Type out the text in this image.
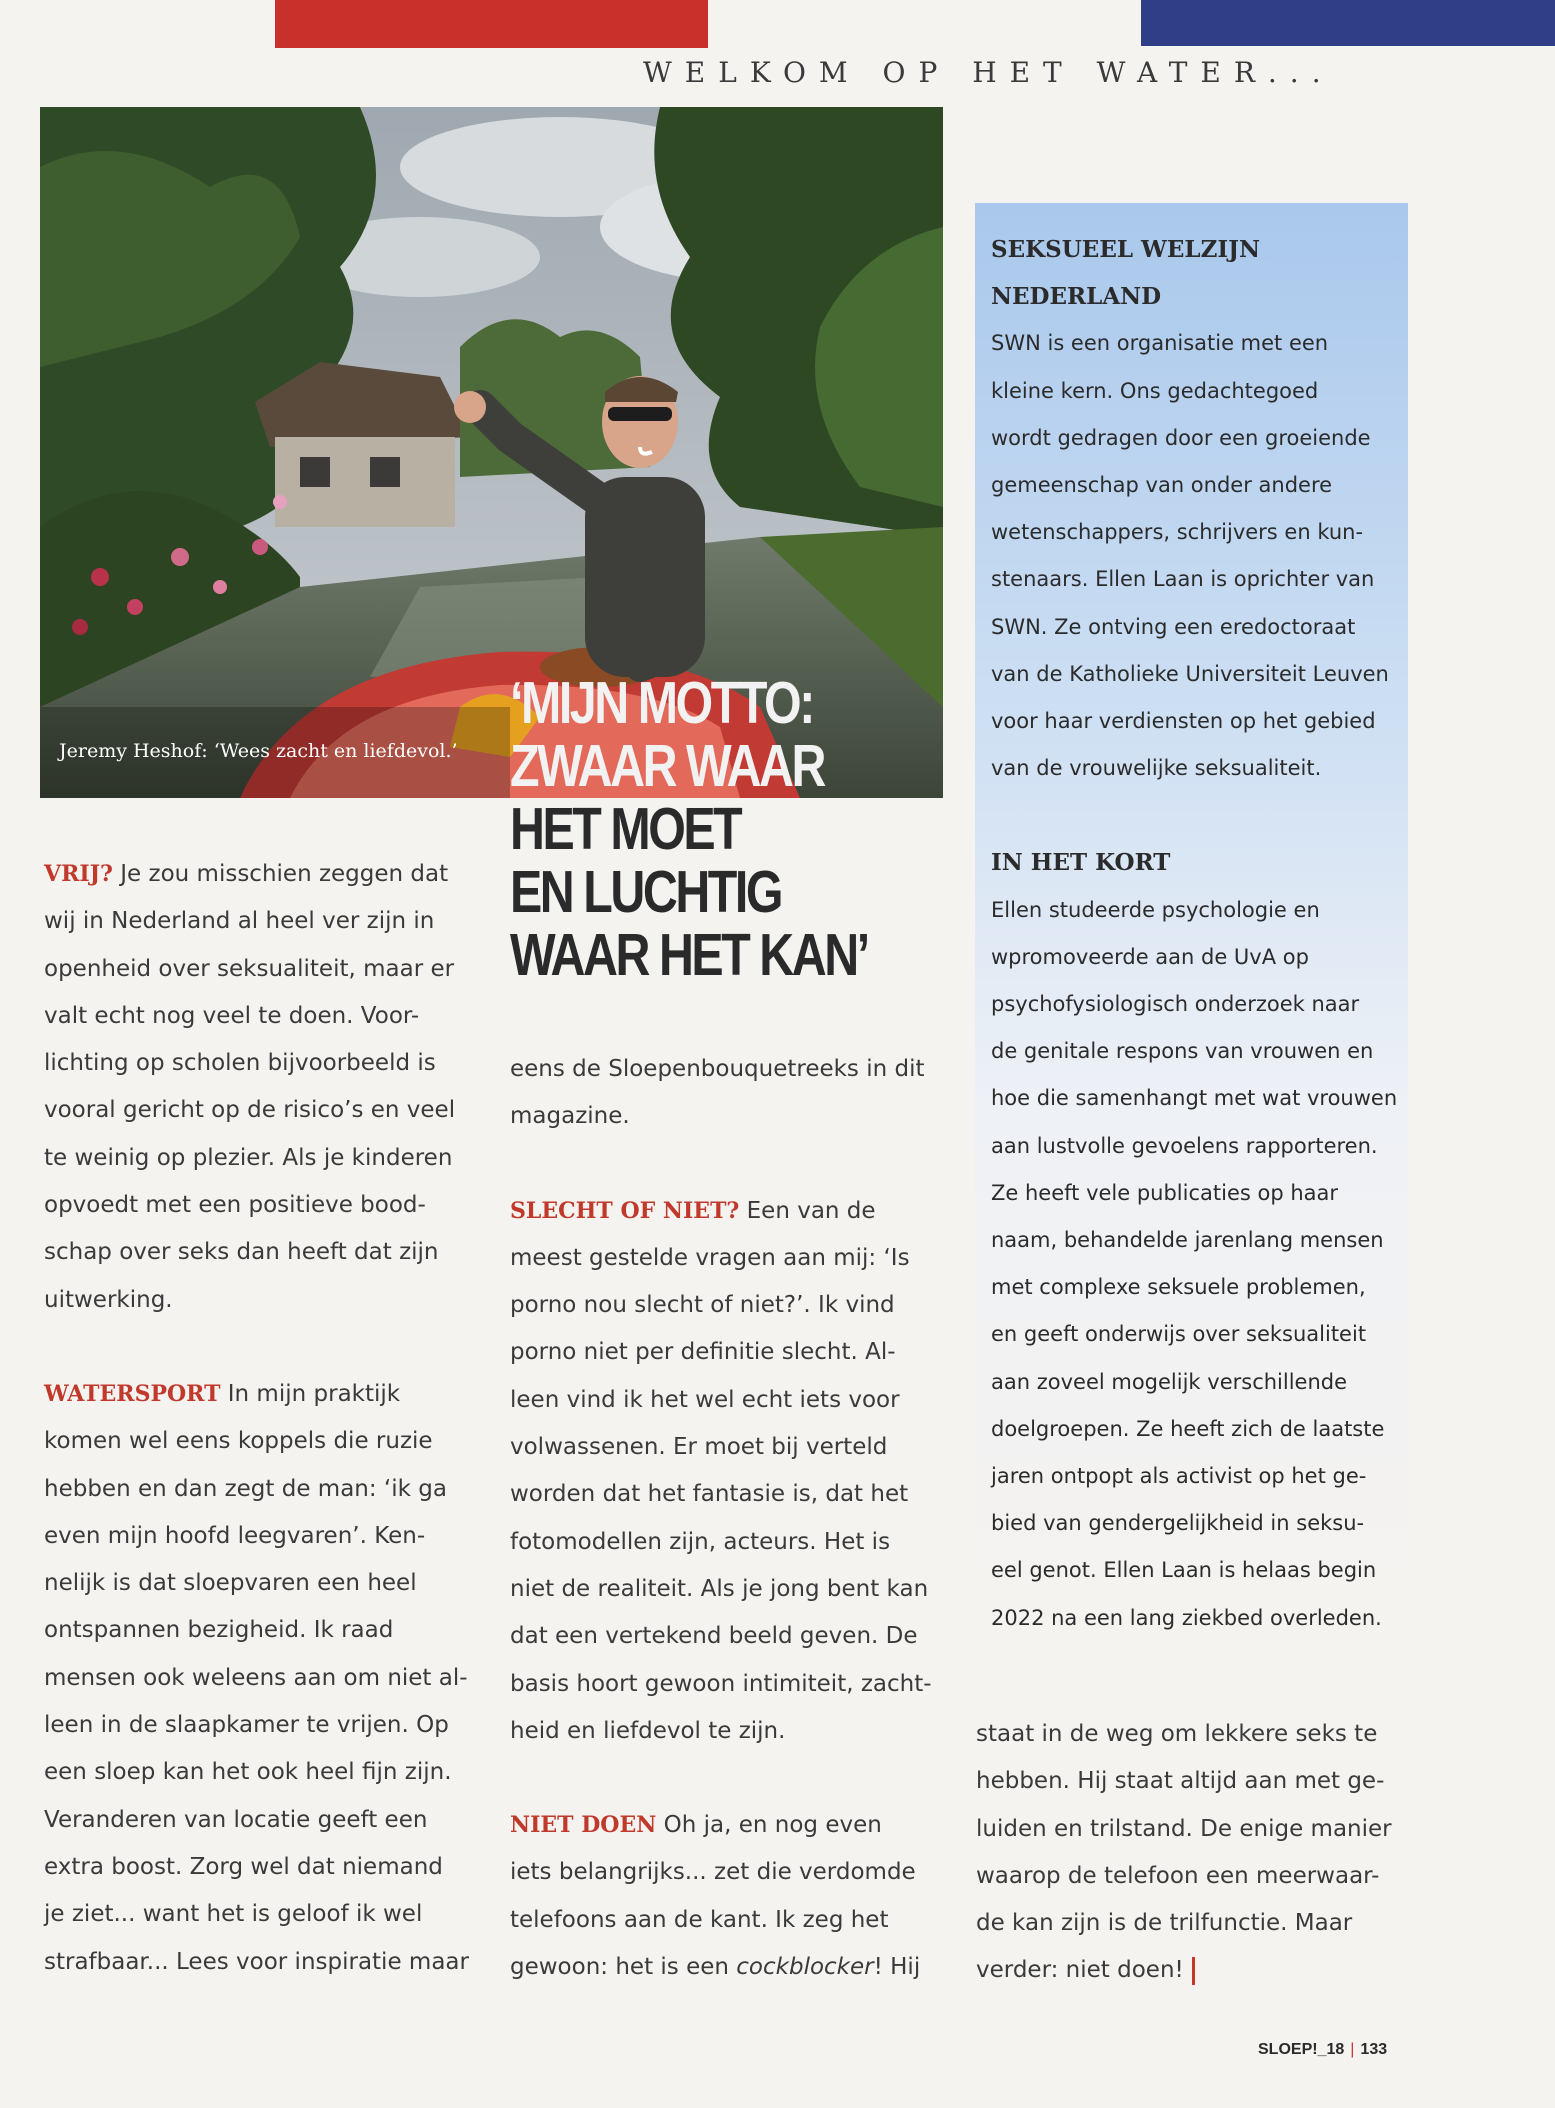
WELKOM OP HET WATER...
Jeremy Heshof: ‘Wees zacht en liefdevol.’
‘MIJN MOTTO:
ZWAAR WAAR
HET MOET
EN LUCHTIG
WAAR HET KAN’

VRIJ? Je zou misschien zeggen dat

wij in Nederland al heel ver zijn in

openheid over seksualiteit, maar er

valt echt nog veel te doen. Voor-

lichting op scholen bijvoorbeeld is

vooral gericht op de risico’s en veel

te weinig op plezier. Als je kinderen

opvoedt met een positieve bood-

schap over seks dan heeft dat zijn

uitwerking.

WATERSPORT In mijn praktijk

komen wel eens koppels die ruzie

hebben en dan zegt de man: ‘ik ga

even mijn hoofd leegvaren’. Ken-

nelijk is dat sloepvaren een heel

ontspannen bezigheid. Ik raad

mensen ook weleens aan om niet al-

leen in de slaapkamer te vrijen. Op

een sloep kan het ook heel fijn zijn.

Veranderen van locatie geeft een

extra boost. Zorg wel dat niemand

je ziet... want het is geloof ik wel

strafbaar... Lees voor inspiratie maar

eens de Sloepenbouquetreeks in dit

magazine.

SLECHT OF NIET? Een van de

meest gestelde vragen aan mij: ‘Is

porno nou slecht of niet?’. Ik vind

porno niet per definitie slecht. Al-

leen vind ik het wel echt iets voor

volwassenen. Er moet bij verteld

worden dat het fantasie is, dat het

fotomodellen zijn, acteurs. Het is

niet de realiteit. Als je jong bent kan

dat een vertekend beeld geven. De

basis hoort gewoon intimiteit, zacht-

heid en liefdevol te zijn.

NIET DOEN Oh ja, en nog even

iets belangrijks... zet die verdomde

telefoons aan de kant. Ik zeg het

gewoon: het is een cockblocker! Hij

SEKSUEEL WELZIJN

NEDERLAND

SWN is een organisatie met een

kleine kern. Ons gedachtegoed

wordt gedragen door een groeiende

gemeenschap van onder andere

wetenschappers, schrijvers en kun-

stenaars. Ellen Laan is oprichter van

SWN. Ze ontving een eredoctoraat

van de Katholieke Universiteit Leuven

voor haar verdiensten op het gebied

van de vrouwelijke seksualiteit.

IN HET KORT

Ellen studeerde psychologie en

wpromoveerde aan de UvA op

psychofysiologisch onderzoek naar

de genitale respons van vrouwen en

hoe die samenhangt met wat vrouwen

aan lustvolle gevoelens rapporteren.

Ze heeft vele publicaties op haar

naam, behandelde jarenlang mensen

met complexe seksuele problemen,

en geeft onderwijs over seksualiteit

aan zoveel mogelijk verschillende

doelgroepen. Ze heeft zich de laatste

jaren ontpopt als activist op het ge-

bied van gendergelijkheid in seksu-

eel genot. Ellen Laan is helaas begin

2022 na een lang ziekbed overleden.

staat in de weg om lekkere seks te

hebben. Hij staat altijd aan met ge-

luiden en trilstand. De enige manier

waarop de telefoon een meerwaar-

de kan zijn is de trilfunctie. Maar

verder: niet doen!

SLOEP!_18 | 133
